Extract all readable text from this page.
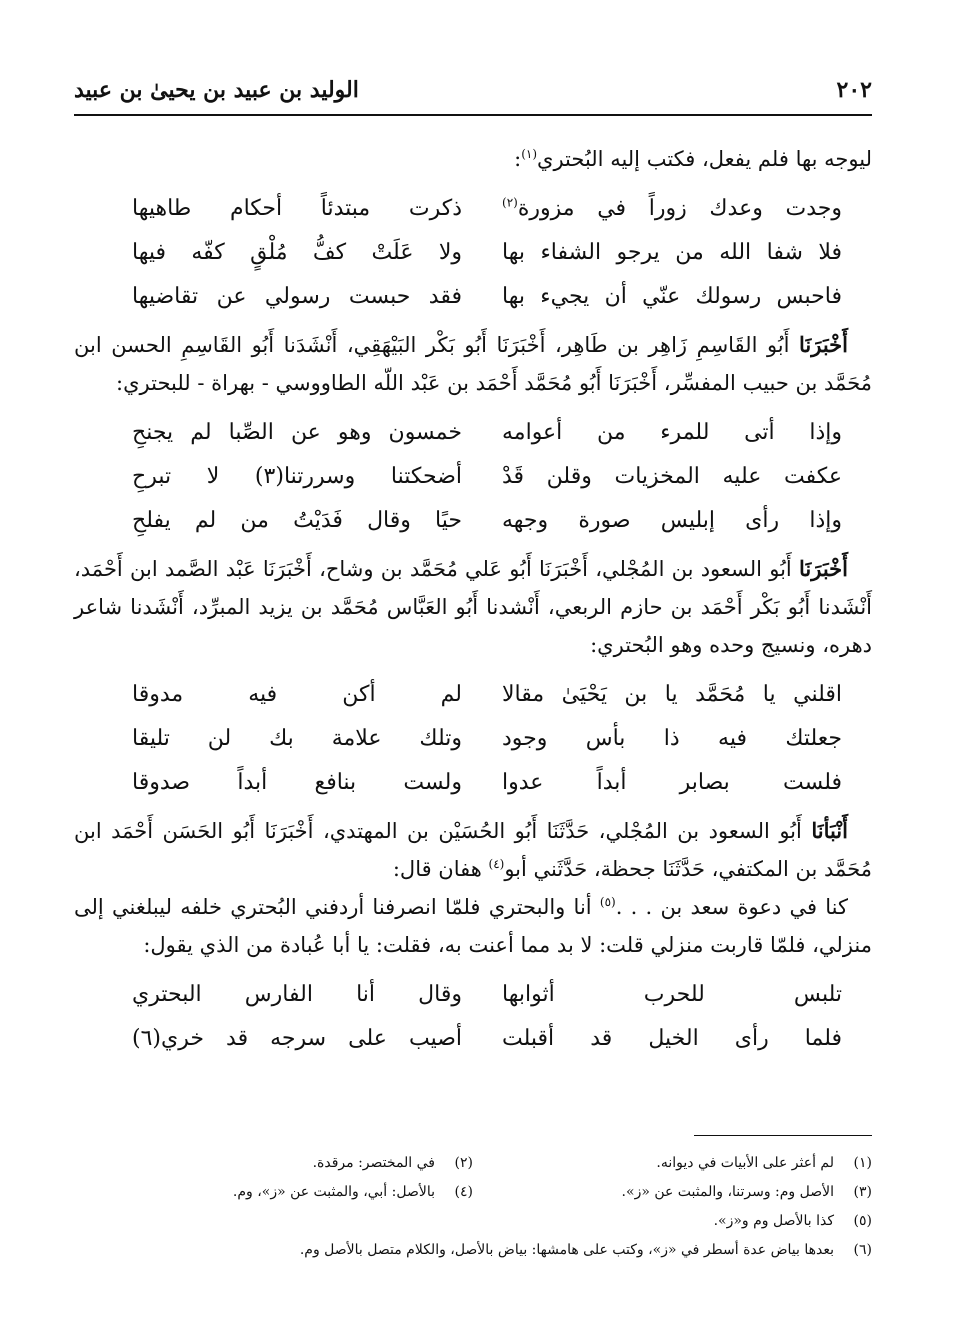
٢٠٢
الوليد بن عبيد بن يحيىٰ بن عبيد

ليوجه بها فلم يفعل، فكتب إليه البُحتري$^{(١)}$:

وجدت وعدك زوراً في مزورة$^{(٢)}$
ذكرت مبتدئاً أحكام طاهيها
فلا شفا الله من يرجو الشفاء بها
ولا عَلَتْ كفُّ مُلْقٍ كفّه فيها
فاحبس رسولك عنّي أن يجيء بها
فقد حبست رسولي عن تقاضيها

أَخْبَرَنَا أَبُو القَاسِمِ زَاهِر بن طَاهِر، أَخْبَرَنَا أَبُو بَكْر البَيْهَقِي، أَنْشَدَنا أَبُو القَاسِمِ الحسن ابن مُحَمَّد بن حبيب المفسِّر، أَخْبَرَنَا أَبُو مُحَمَّد أَحْمَد بن عَبْد اللّه الطاووسي - بهراة - للبحتري:

وإذا أتى للمرء من أعوامه
خمسون وهو عن الصِّبا لم يجنحِ
عكفت عليه المخزيات وقلن قَدْ
أضحكتنا وسررتنا(٣) لا تبرحِ
وإذا رأى إبليس صورة وجهه
حيًا وقال فَدَيْتُ من لم يفلحِ

أَخْبَرَنَا أَبُو السعود بن المُجْلي، أَخْبَرَنَا أَبُو عَلي مُحَمَّد بن وشاح، أَخْبَرَنَا عَبْد الصَّمد ابن أَحْمَد، أَنْشَدنا أَبُو بَكْر أَحْمَد بن حازم الربعي، أَنْشدنا أَبُو العَبَّاس مُحَمَّد بن يزيد المبرِّد، أَنْشَدنا شاعر دهره، ونسيج وحده وهو البُحتري:

اقلني يا مُحَمَّد يا بن يَحْيَىٰ مقالا
لم أكن فيه مدوقا
جعلتك فيه ذا بأس وجود
وتلك علامة بك لن تليقا
فلست بصابر أبداً عدوا
ولست بنافع أبداً صدوقا

أَنْبَأنَا أَبُو السعود بن المُجْلي، حَدَّثَنَا أَبُو الحُسَيْن بن المهتدي، أَخْبَرَنَا أَبُو الحَسَن أَحْمَد ابن مُحَمَّد بن المكتفي، حَدَّثَنَا جحظة، حَدَّثَني أبو$^{(٤)}$ هفان قال:

كنا في دعوة سعد بن . . .$^{(٥)}$ أنا والبحتري فلمّا انصرفنا أردفني البُحتري خلفه ليبلغني إلى منزلي، فلمّا قاربت منزلي قلت: لا بد مما أعنت به، فقلت: يا أبا عُبادة من الذي يقول:

تلبس للحرب أثوابها
وقال أنا الفارس البحتري
فلما رأى الخيل قد أقبلت
أصيب على سرجه قد خري(٦)
(١)
لم أعثر على الأبيات في ديوانه.
(٢)
في المختصر: مرقدة.
(٣)
الأصل وم: وسرتنا، والمثبت عن «ز».
(٤)
بالأصل: أبي، والمثبت عن «ز»، وم.
(٥)
كذا بالأصل وم و«ز».
(٦)
بعدها بياض عدة أسطر في «ز»، وكتب على هامشها: بياض بالأصل، والكلام متصل بالأصل وم.
